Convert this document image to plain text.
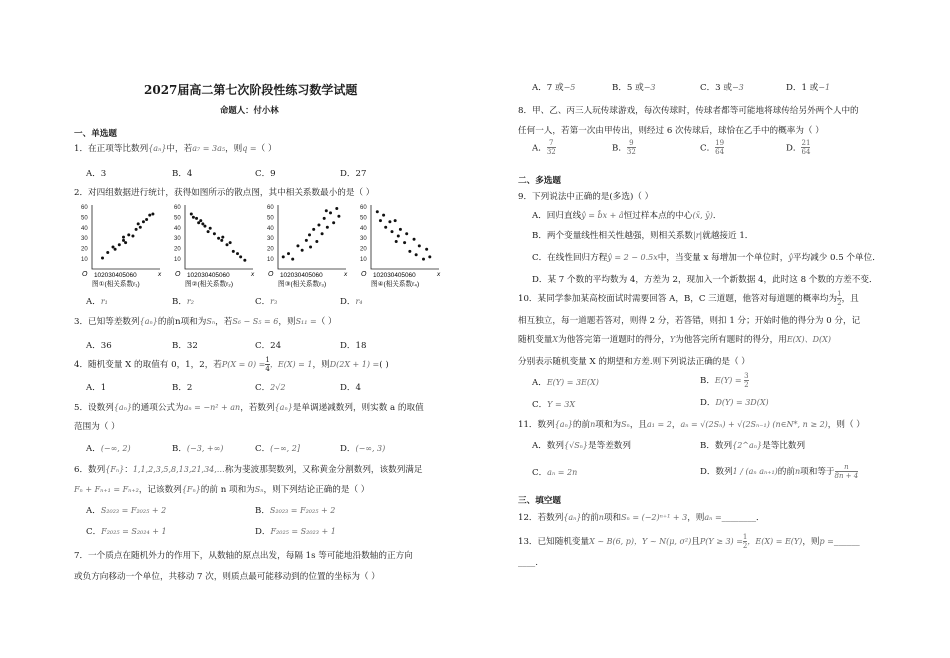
2027届高二第七次阶段性练习数学试题
命题人：付小林
一、单选题
1．在正项等比数列{aₙ}中，若a₇ = 3a₅，则q =（ ）
A．3	B．4	C．9	D．27
2．对四组数据进行统计，获得如图所示的散点图，其中相关系数最小的是（ ）
60
50
40
30
20
10
O 102030405060	x
图①(相关系数r₁)
60
50
40
30
20
10
O 102030405060	x
图②(相关系数r₂)
60
50
40
30
20
10
O 102030405060	x
图③(相关系数r₃)
60
50
40
30
20
10
O 102030405060	x
图④(相关系数r₄)
A．r₁	B．r₂	C．r₃	D．r₄
3．已知等差数列{aₙ}的前n项和为Sₙ，若S₆ − S₅ = 6，则S₁₁ =（ ）
A．36	B．32	C．24	D．18
4．随机变量 X 的取值有 0，1，2，若$P(X = 0) = \frac{1}{4}$ ，E(X) = 1，则D(2X + 1) =( )
A．1	B．2	C．2√2	D．4
5．设数列{aₙ}的通项公式为aₙ = −n² + an，若数列{aₙ}是单调递减数列，则实数 a 的取值
范围为（ ）
A．(−∞, 2)	B．(−3, +∞)	C．(−∞, 2]	D．(−∞, 3)
6．数列{Fₙ}：1,1,2,3,5,8,13,21,34,…称为斐波那契数列，又称黄金分割数列，该数列满足
Fₙ + Fₙ₊₁ = Fₙ₊₂，记该数列{Fₙ}的前 n 项和为Sₙ，则下列结论正确的是（ ）
A．S₂₀₂₃ = F₂₀₂₅ + 2	B．S₂₀₂₃ = F₂₀₂₅ + 2
C．F₂₀₂₅ = S₂₀₂₄ + 1	D．F₂₀₂₅ = S₂₀₂₃ + 1
7．一个质点在随机外力的作用下，从数轴的原点出发，每隔 1s 等可能地沿数轴的正方向
或负方向移动一个单位，共移动 7 次，则质点最可能移动到的位置的坐标为（ ）
A．7 或−5	B．5 或−3	C．3 或−3	D．1 或−1
8．甲、乙、丙三人玩传球游戏，每次传球时，传球者都等可能地将球传给另外两个人中的
任何一人，若第一次由甲传出，则经过 6 次传球后，球恰在乙手中的概率为（ ）
A． $\frac{7}{32}$	B． $\frac{9}{32}$	C． $\frac{19}{64}$	D． $\frac{21}{64}$
二、多选题
9．下列说法中正确的是(多选)（ ）
A．回归直线ŷ = b̂x + â恒过样本点的中心(x̄, ȳ)．
B．两个变量线性相关性越强，则相关系数|r|就越接近 1．
C．在线性回归方程ŷ = 2 − 0.5x中，当变量 x 每增加一个单位时，ŷ平均减少 0.5 个单位．
D．某 7 个数的平均数为 4，方差为 2，现加入一个新数据 4，此时这 8 个数的方差不变．
10．某同学参加某高校面试时需要回答 A，B，C 三道题，他答对每道题的概率均为 $\frac{1}{2}$ ，且
相互独立，每一道题若答对，则得 2 分，若答错，则扣 1 分；开始时他的得分为 0 分，记
随机变量X为他答完第一道题时的得分，Y为他答完所有题时的得分，用E(X)、D(X)
分别表示随机变量 X 的期望和方差.则下列说法正确的是（ ）
A．E(Y) = 3E(X)	B．$E(Y) = \frac{3}{2}$
C．Y = 3X	D．D(Y) = 3D(X)
11．数列{aₙ}的前n项和为Sₙ，且a₁ = 2，aₙ = √(2Sₙ) + √(2Sₙ₋₁) (n∈N*, n ≥ 2)，则（ ）
A．数列{√Sₙ}是等差数列	B．数列{2^aₙ}是等比数列
C．aₙ = 2n	D．数列1 / (aₙ aₙ₊₁)的前n项和等于 $\frac{n}{8n + 4}$
三、填空题
12．若数列{aₙ}的前n项和Sₙ = (−2)ⁿ⁺¹ + 3，则aₙ =________．
13．已知随机变量X ~ B(6, p)，Y ~ N(μ, σ²)且$P(Y \ge 3) = \frac{1}{2}$ ，E(X) = E(Y)，则p =______
____.
